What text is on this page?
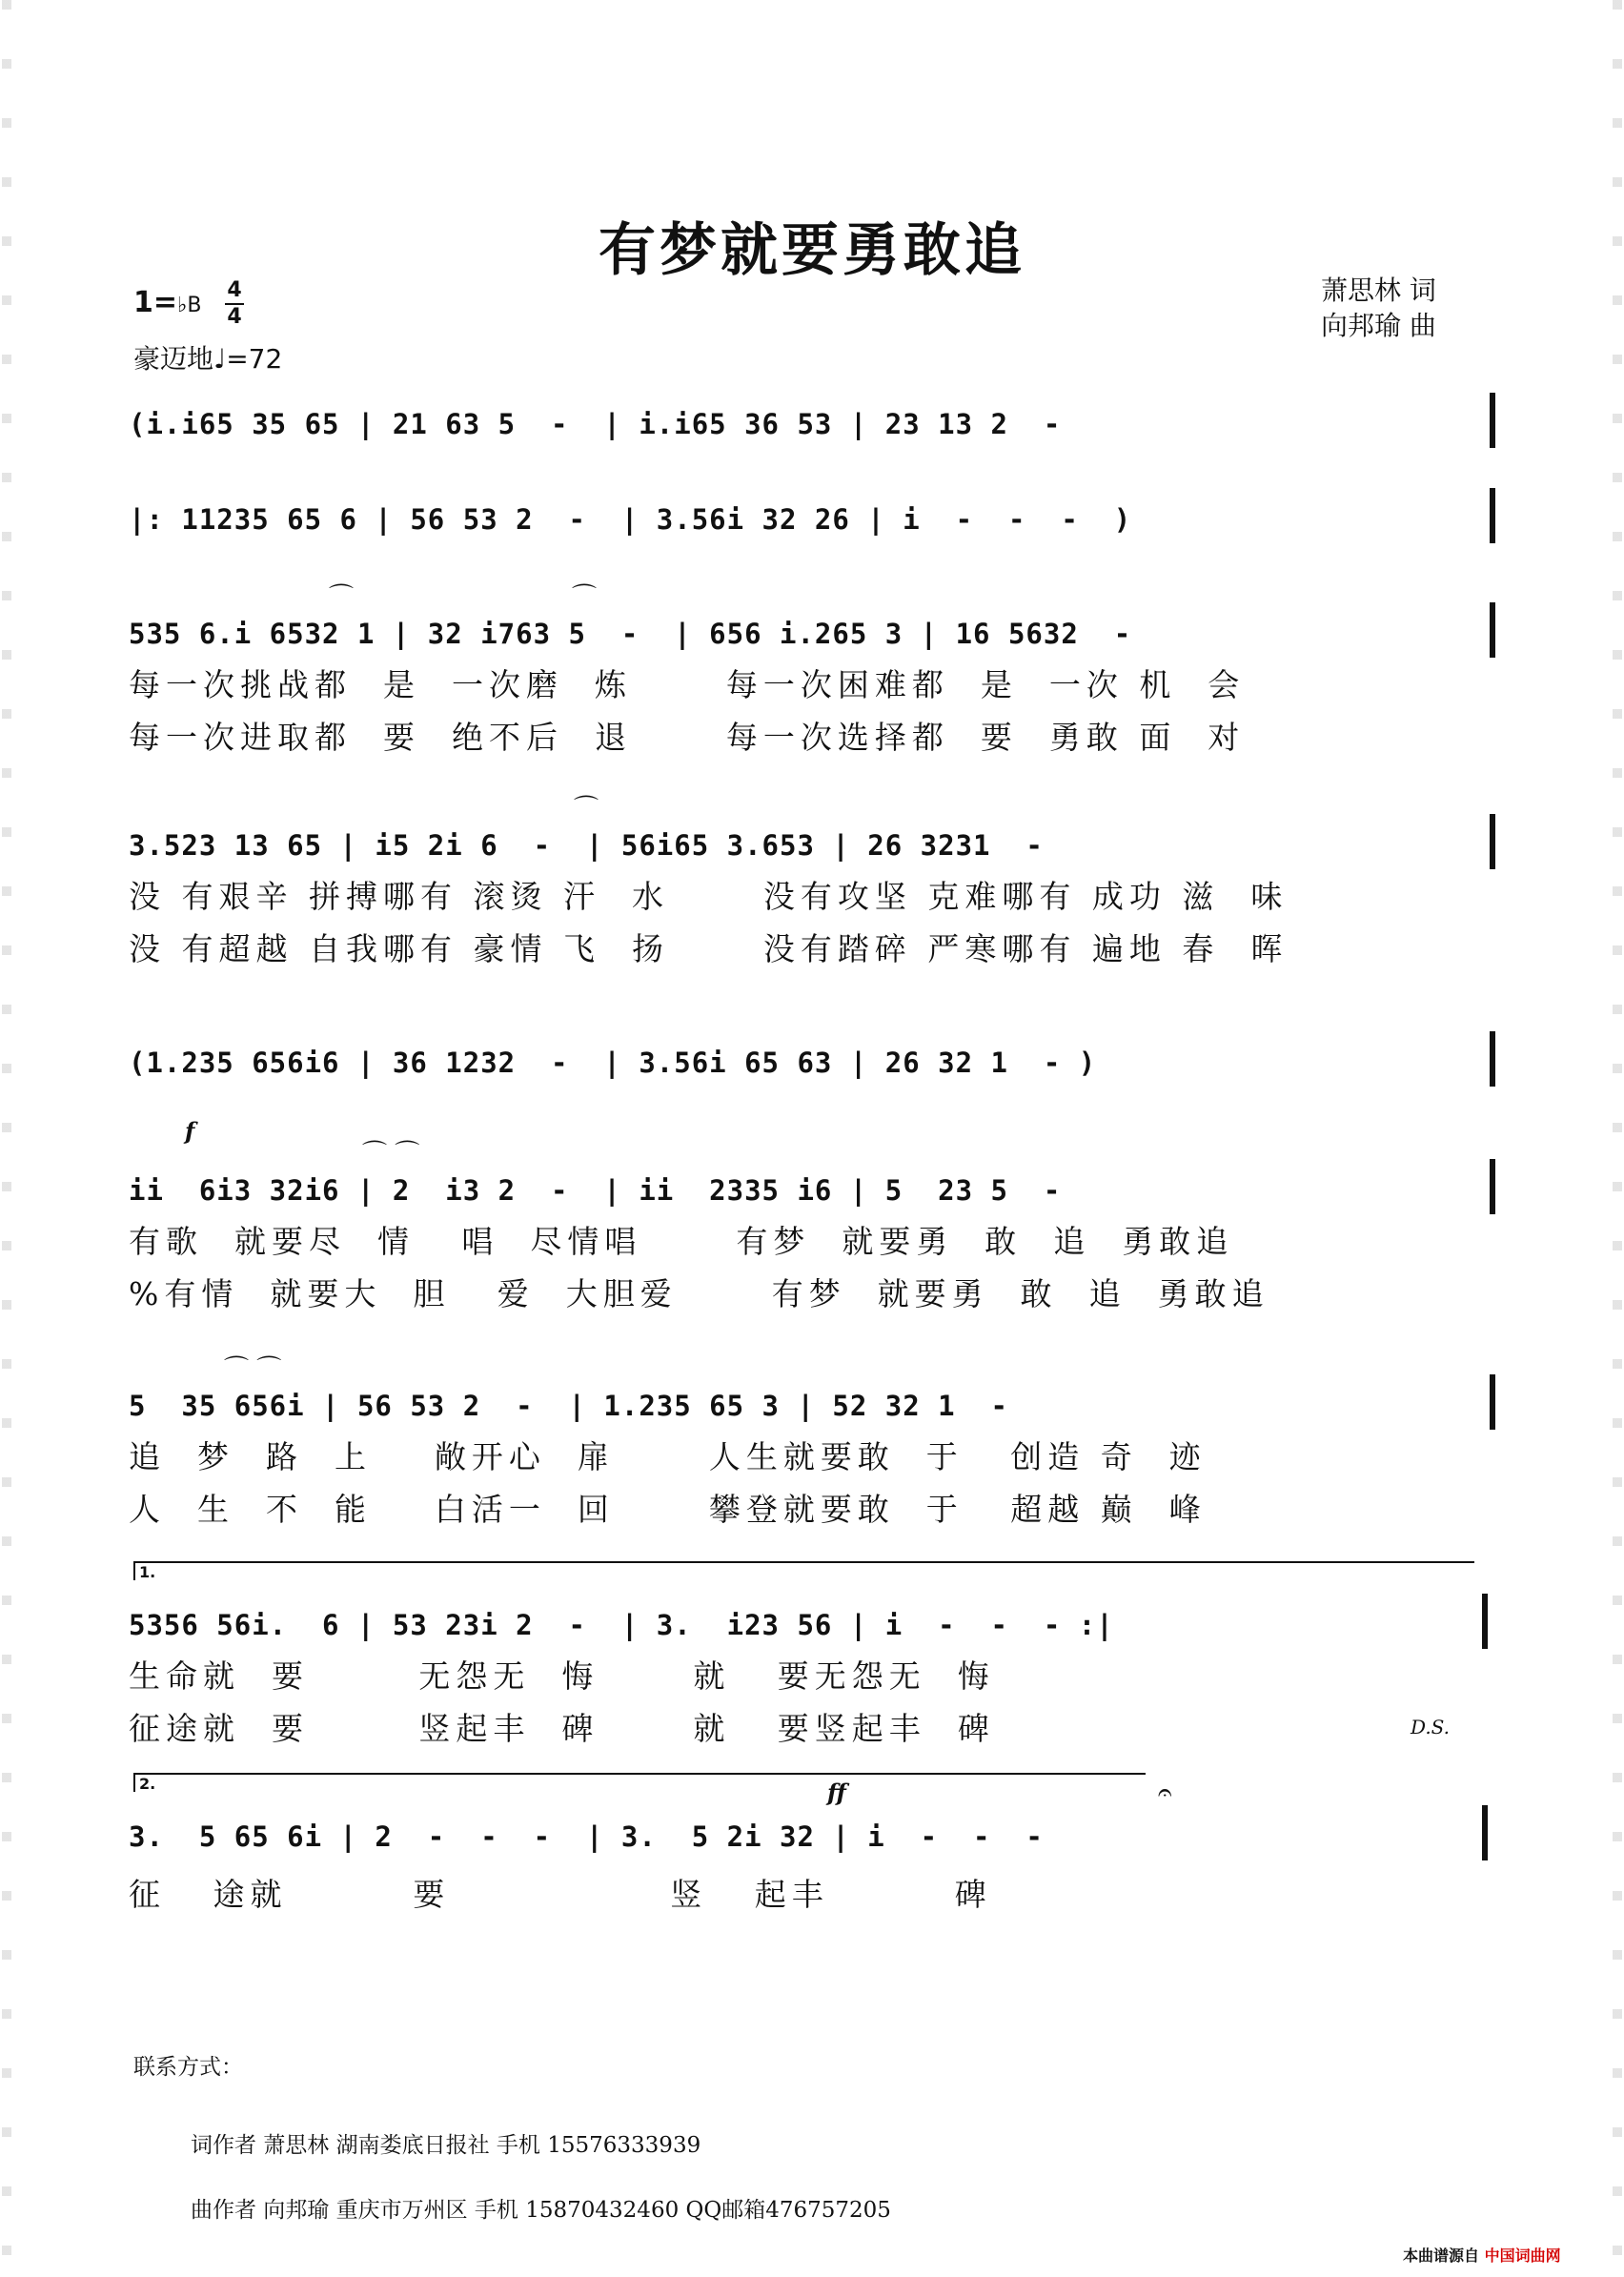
有梦就要勇敢追
1=♭B
4
4
豪迈地♩=72
萧思林 词
向邦瑜 曲
(i.i65 35 65 | 21 63 5  -  | i.i65 36 53 | 23 13 2  -
|: 11235 65 6 | 56 53 2  -  | 3.56i 32 26 | i  -  -  -  )
⌒	⌒
535 6.i 6532 1 | 32 i763 5  -  | 656 i.265 3 | 16 5632  -
每一次挑战都  是  一次磨  炼      每一次困难都  是  一次 机  会
每一次进取都  要  绝不后  退      每一次选择都  要  勇敢 面  对
⌒
3.523 13 65 | i5 2i 6  -  | 56i65 3.653 | 26 3231  -
没 有艰辛 拼搏哪有 滚烫 汗  水      没有攻坚 克难哪有 成功 滋  味
没 有超越 自我哪有 豪情 飞  扬      没有踏碎 严寒哪有 遍地 春  晖
(1.235 656i6 | 36 1232  -  | 3.56i 65 63 | 26 32 1  - )
f
⌒ ⌒
ii  6i3 32i6 | 2  i3 2  -  | ii  2335 i6 | 5  23 5  -
有歌  就要尽  情   唱  尽情唱      有梦  就要勇  敢  追  勇敢追
%有情  就要大  胆   爱  大胆爱      有梦  就要勇  敢  追  勇敢追
⌒ ⌒
5  35 656i | 56 53 2  -  | 1.235 65 3 | 52 32 1  -
追  梦  路  上    敞开心  扉      人生就要敢  于   创造 奇  迹
人  生  不  能    白活一  回      攀登就要敢  于   超越 巅  峰
1.
5356 56i.  6 | 53 23i 2  -  | 3.  i23 56 | i  -  -  - :|
生命就  要       无怨无  悔      就   要无怨无  悔
征途就  要       竖起丰  碑      就   要竖起丰  碑	D.S.
2.	ff	𝄐
3.  5 65 6i | 2  -  -  -  | 3.  5 2i 32 | i  -  -  -
征   途就        要              竖   起丰        碑
联系方式：
词作者 萧思林 湖南娄底日报社 手机 15576333939
曲作者 向邦瑜 重庆市万州区 手机 15870432460 QQ邮箱476757205
本曲谱源自 中国词曲网
